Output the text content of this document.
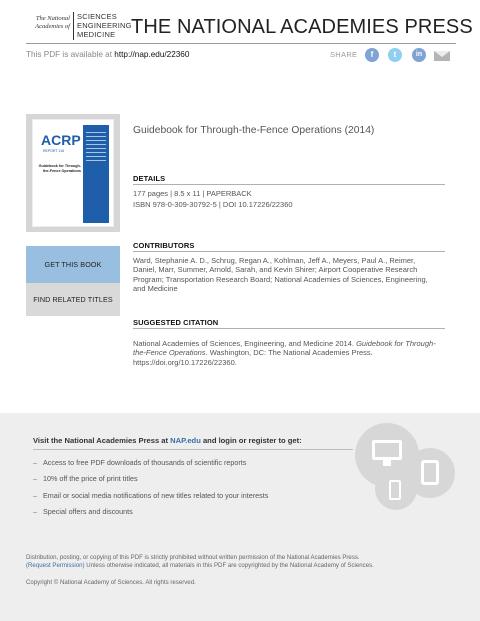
The National
Academies of
SCIENCES
ENGINEERING
MEDICINE THE NATIONAL ACADEMIES PRESS
This PDF is available at http://nap.edu/22360	SHARE	f	t	in
ACRP
REPORT 116
Guidebook for Through-the-Fence Operations
Guidebook for Through-the-Fence Operations (2014)
DETAILS
177 pages | 8.5 x 11 | PAPERBACK
ISBN 978-0-309-30792-5 | DOI 10.17226/22360
GET THIS BOOK
FIND RELATED TITLES
CONTRIBUTORS
Ward, Stephanie A. D., Schrug, Regan A., Kohlman, Jeff A., Meyers, Paul A., Reimer, Daniel, Marr, Summer, Arnold, Sarah, and Kevin Shirer; Airport Cooperative Research Program; Transportation Research Board; National Academies of Sciences, Engineering, and Medicine
SUGGESTED CITATION
National Academies of Sciences, Engineering, and Medicine 2014. Guidebook for Through-the-Fence Operations. Washington, DC: The National Academies Press. https://doi.org/10.17226/22360.
Visit the National Academies Press at NAP.edu and login or register to get:
– Access to free PDF downloads of thousands of scientific reports
– 10% off the price of print titles
– Email or social media notifications of new titles related to your interests
– Special offers and discounts
Distribution, posting, or copying of this PDF is strictly prohibited without written permission of the National Academies Press.
(Request Permission) Unless otherwise indicated, all materials in this PDF are copyrighted by the National Academy of Sciences.
Copyright © National Academy of Sciences. All rights reserved.
